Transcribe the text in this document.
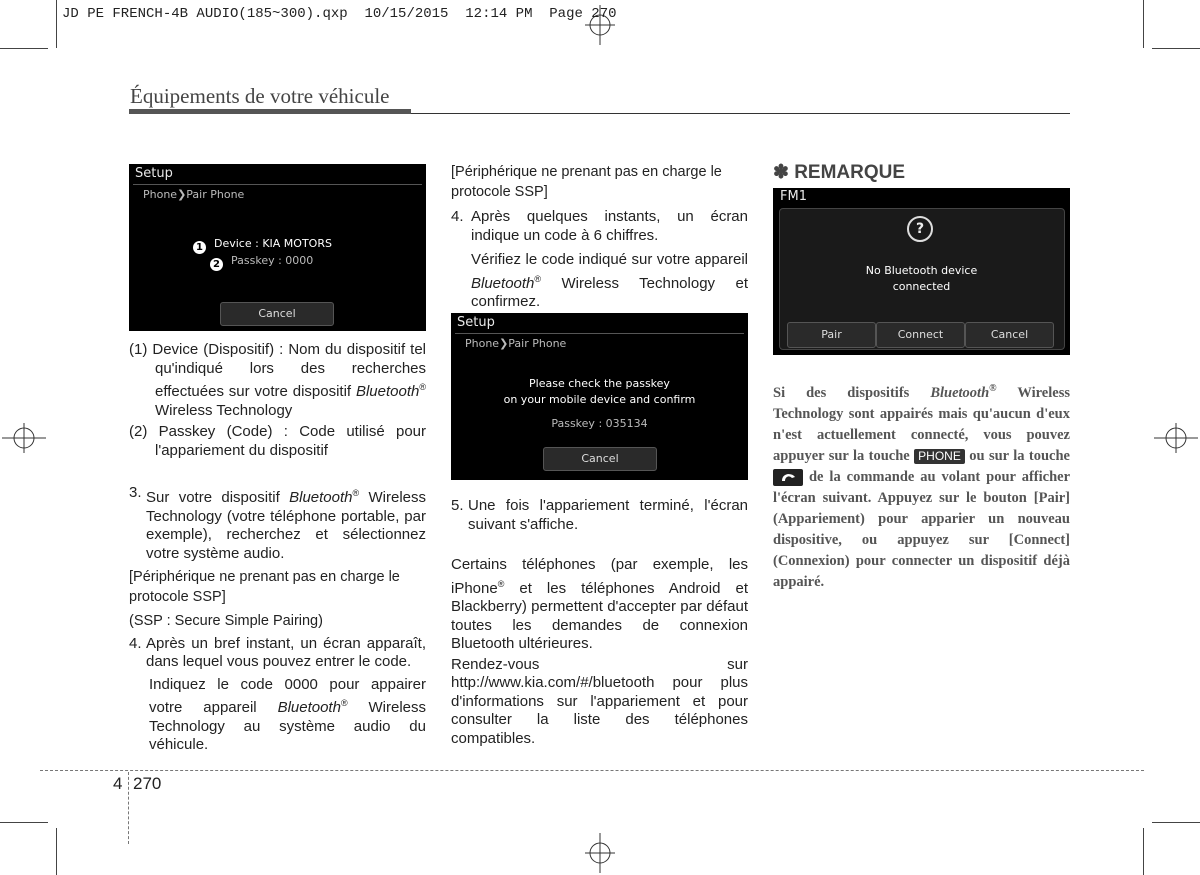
JD PE FRENCH-4B AUDIO(185~300).qxp  10/15/2015  12:14 PM  Page 270
Équipements de votre véhicule
Setup
Phone❯Pair Phone
1 Device : KIA MOTORS
2 Passkey : 0000
Cancel

(1) Device (Dispositif) : Nom du dispositif tel qu'indiqué lors des recherches effectuées sur votre dispositif Bluetooth® Wireless Technology

(2) Passkey (Code) : Code utilisé pour l'appariement du dispositif

3. Sur votre dispositif Bluetooth® Wireless Technology (votre téléphone portable, par exemple), recherchez et sélectionnez votre système audio.

[Périphérique ne prenant pas en charge le protocole SSP]

(SSP : Secure Simple Pairing)

4. Après un bref instant, un écran apparaît, dans lequel vous pouvez entrer le code.

Indiquez le code 0000 pour appairer votre appareil Bluetooth® Wireless Technology au système audio du véhicule.

[Périphérique ne prenant pas en charge le protocole SSP]

4. Après quelques instants, un écran indique un code à 6 chiffres.

Vérifiez le code indiqué sur votre appareil Bluetooth® Wireless Technology et confirmez.

Setup
Phone❯Pair Phone
Please check the passkey
on your mobile device and confirm
Passkey : 035134
Cancel

5. Une fois l'appariement terminé, l'écran suivant s'affiche.

Certains téléphones (par exemple, les iPhone® et les téléphones Android et Blackberry) permettent d'accepter par défaut toutes les demandes de connexion Bluetooth ultérieures.

Rendez-vous sur http://www.kia.com/#/bluetooth pour plus d'informations sur l'appariement et pour consulter la liste des téléphones compatibles.

✽ REMARQUE
FM1
?
No Bluetooth device
connected
Pair	Connect	Cancel
Si des dispositifs Bluetooth® Wireless Technology sont appairés mais qu'aucun d'eux n'est actuellement connecté, vous pouvez appuyer sur la touche PHONE ou sur la touche
de la commande au volant pour afficher l'écran suivant. Appuyez sur le bouton [Pair] (Appariement) pour apparier un nouveau dispositive, ou appuyez sur [Connect] (Connexion) pour connecter un dispositif déjà appairé.
4 270
